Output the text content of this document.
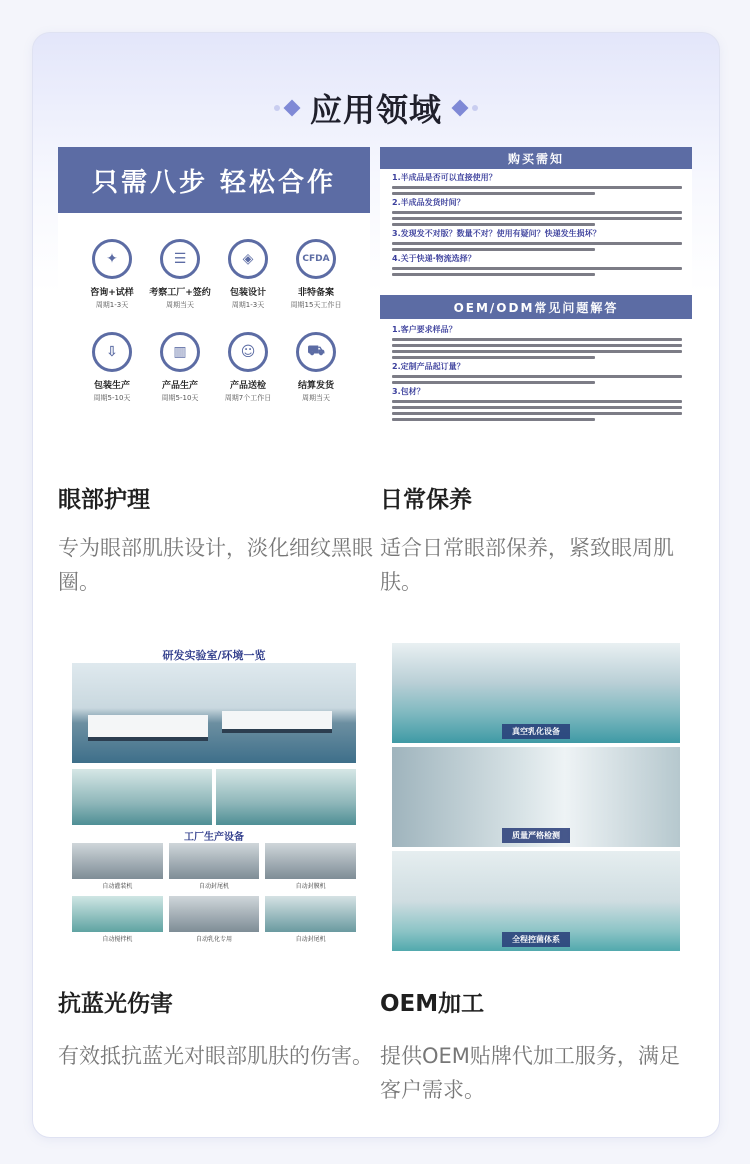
应用领域
只需八步 轻松合作
✦
咨询+试样
周期1-3天
☰
考察工厂+签约
周期当天
◈
包装设计
周期1-3天
CFDA
非特备案
周期15天工作日
⇩
包装生产
周期5-10天
▥
产品生产
周期5-10天
☺
产品送检
周期7个工作日
⛟
结算发货
周期当天
眼部护理
专为眼部肌肤设计，淡化细纹黑眼圈。
购买需知
1.半成品是否可以直接使用？
2.半成品发货时间？
3.发现发不对版？数量不对？使用有疑问？快递发生损坏？
4.关于快递·物流选择？
OEM/ODM常见问题解答
1.客户要求样品？
2.定制产品起订量？
3.包材？
日常保养
适合日常眼部保养，紧致眼周肌肤。
研发实验室/环境一览
工厂生产设备
自动灌装机	自动封尾机	自动封膜机
自动搅拌机	自动乳化专用	自动封尾机
抗蓝光伤害
有效抵抗蓝光对眼部肌肤的伤害。
真空乳化设备
质量严格检测
全程控菌体系
OEM加工
提供OEM贴牌代加工服务，满足客户需求。
